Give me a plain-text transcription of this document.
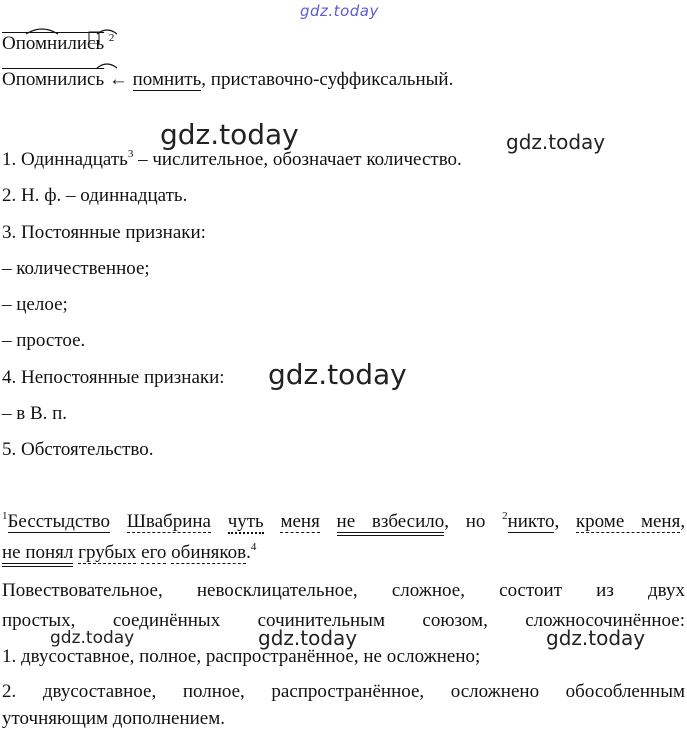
gdz.today
gdz.today	gdz.today
gdz.today
gdz.today	gdz.today	gdz.today
Опомнились $^2$
Опомнились ← помнить, приставочно-суффиксальный.
1. Одиннадцать$^3$ – числительное, обозначает количество.
2. Н. ф. – одиннадцать.
3. Постоянные признаки:
– количественное;
– целое;
– простое.
4. Непостоянные признаки:
– в В. п.
5. Обстоятельство.
$^1$Бесстыдство Швабрина чуть меня не взбесило, но $^2$никто, кроме меня,
не понял грубых его обиняков.$^4$
Повествовательное, невосклицательное, сложное, состоит из двух
простых, соединённых сочинительным союзом, сложносочинённое:
1. двусоставное, полное, распространённое, не осложнено;
2. двусоставное, полное, распространённое, осложнено обособленным
уточняющим дополнением.
